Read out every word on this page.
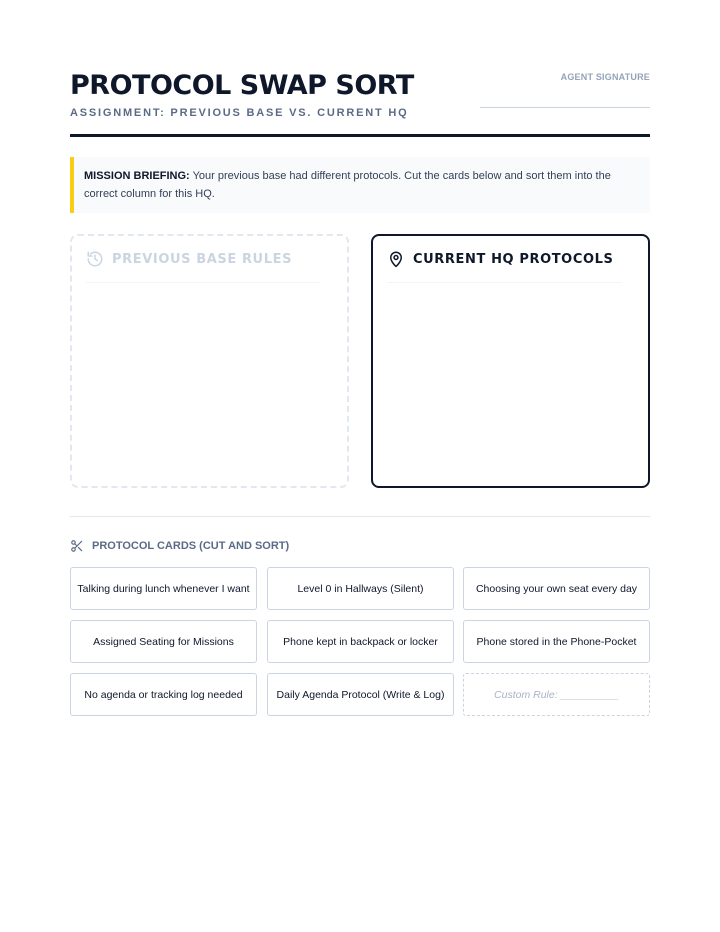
PROTOCOL SWAP SORT
ASSIGNMENT: PREVIOUS BASE VS. CURRENT HQ
AGENT SIGNATURE
MISSION BRIEFING: Your previous base had different protocols. Cut the cards below and sort them into the correct column for this HQ.
PREVIOUS BASE RULES	CURRENT HQ PROTOCOLS
PROTOCOL CARDS (CUT AND SORT)
Talking during lunch whenever I want	Level 0 in Hallways (Silent)	Choosing your own seat every day
Assigned Seating for Missions	Phone kept in backpack or locker	Phone stored in the Phone-Pocket
No agenda or tracking log needed	Daily Agenda Protocol (Write & Log)	Custom Rule: __________
